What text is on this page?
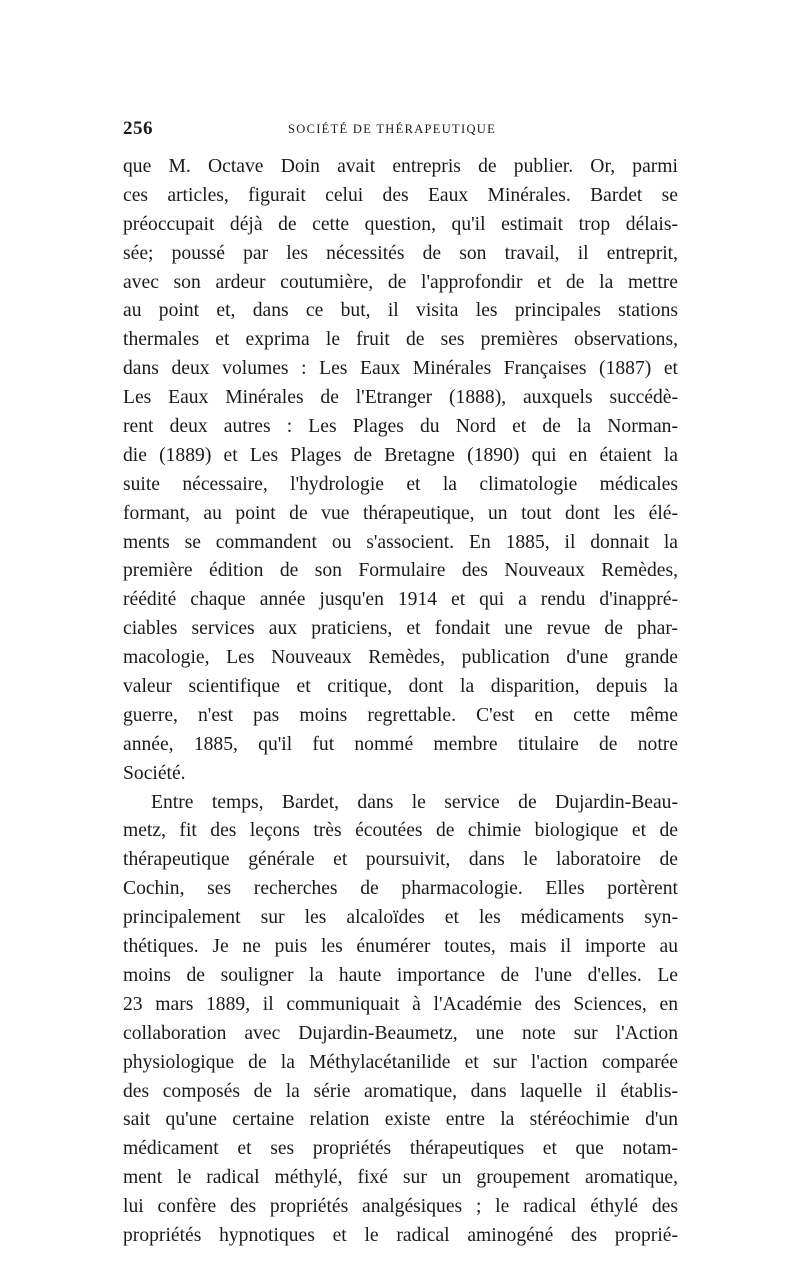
256	SOCIÉTÉ DE THÉRAPEUTIQUE
que M. Octave Doin avait entrepris de publier. Or, parmi
ces articles, figurait celui des Eaux Minérales. Bardet se
préoccupait déjà de cette question, qu'il estimait trop délais-
sée; poussé par les nécessités de son travail, il entreprit,
avec son ardeur coutumière, de l'approfondir et de la mettre
au point et, dans ce but, il visita les principales stations
thermales et exprima le fruit de ses premières observations,
dans deux volumes : Les Eaux Minérales Françaises (1887) et
Les Eaux Minérales de l'Etranger (1888), auxquels succédè-
rent deux autres : Les Plages du Nord et de la Norman-
die (1889) et Les Plages de Bretagne (1890) qui en étaient la
suite nécessaire, l'hydrologie et la climatologie médicales
formant, au point de vue thérapeutique, un tout dont les élé-
ments se commandent ou s'associent. En 1885, il donnait la
première édition de son Formulaire des Nouveaux Remèdes,
réédité chaque année jusqu'en 1914 et qui a rendu d'inappré-
ciables services aux praticiens, et fondait une revue de phar-
macologie, Les Nouveaux Remèdes, publication d'une grande
valeur scientifique et critique, dont la disparition, depuis la
guerre, n'est pas moins regrettable. C'est en cette même
année, 1885, qu'il fut nommé membre titulaire de notre
Société.
Entre temps, Bardet, dans le service de Dujardin-Beau-
metz, fit des leçons très écoutées de chimie biologique et de
thérapeutique générale et poursuivit, dans le laboratoire de
Cochin, ses recherches de pharmacologie. Elles portèrent
principalement sur les alcaloïdes et les médicaments syn-
thétiques. Je ne puis les énumérer toutes, mais il importe au
moins de souligner la haute importance de l'une d'elles. Le
23 mars 1889, il communiquait à l'Académie des Sciences, en
collaboration avec Dujardin-Beaumetz, une note sur l'Action
physiologique de la Méthylacétanilide et sur l'action comparée
des composés de la série aromatique, dans laquelle il établis-
sait qu'une certaine relation existe entre la stéréochimie d'un
médicament et ses propriétés thérapeutiques et que notam-
ment le radical méthylé, fixé sur un groupement aromatique,
lui confère des propriétés analgésiques ; le radical éthylé des
propriétés hypnotiques et le radical aminogéné des proprié-
